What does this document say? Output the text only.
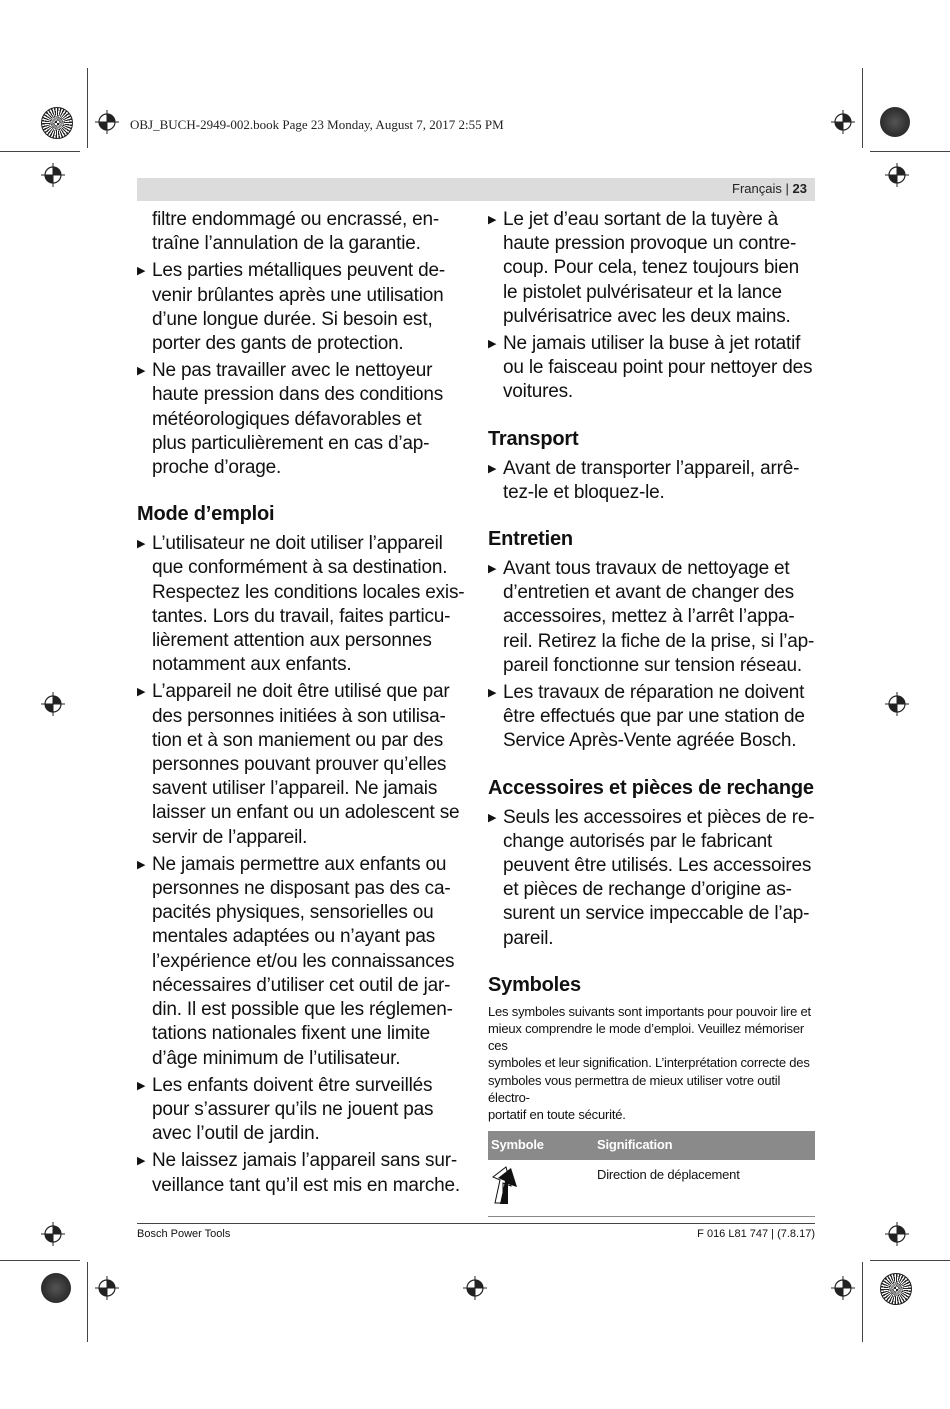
OBJ_BUCH-2949-002.book Page 23 Monday, August 7, 2017 2:55 PM
Français | 23
filtre endommagé ou encrassé, en-
traîne l’annulation de la garantie.
▶ Les parties métalliques peuvent de-
venir brûlantes après une utilisation
d’une longue durée. Si besoin est,
porter des gants de protection.
▶ Ne pas travailler avec le nettoyeur
haute pression dans des conditions
météorologiques défavorables et
plus particulièrement en cas d’ap-
proche d’orage.
Mode d’emploi
▶ L’utilisateur ne doit utiliser l’appareil
que conformément à sa destination.
Respectez les conditions locales exis-
tantes. Lors du travail, faites particu-
lièrement attention aux personnes
notamment aux enfants.
▶ L’appareil ne doit être utilisé que par
des personnes initiées à son utilisa-
tion et à son maniement ou par des
personnes pouvant prouver qu’elles
savent utiliser l’appareil. Ne jamais
laisser un enfant ou un adolescent se
servir de l’appareil.
▶ Ne jamais permettre aux enfants ou
personnes ne disposant pas des ca-
pacités physiques, sensorielles ou
mentales adaptées ou n’ayant pas
l’expérience et/ou les connaissances
nécessaires d’utiliser cet outil de jar-
din. Il est possible que les réglemen-
tations nationales fixent une limite
d’âge minimum de l’utilisateur.
▶ Les enfants doivent être surveillés
pour s’assurer qu’ils ne jouent pas
avec l’outil de jardin.
▶ Ne laissez jamais l’appareil sans sur-
veillance tant qu’il est mis en marche.
▶ Le jet d’eau sortant de la tuyère à
haute pression provoque un contre-
coup. Pour cela, tenez toujours bien
le pistolet pulvérisateur et la lance
pulvérisatrice avec les deux mains.
▶ Ne jamais utiliser la buse à jet rotatif
ou le faisceau point pour nettoyer des
voitures.
Transport
▶ Avant de transporter l’appareil, arrê-
tez-le et bloquez-le.
Entretien
▶ Avant tous travaux de nettoyage et
d’entretien et avant de changer des
accessoires, mettez à l’arrêt l’appa-
reil. Retirez la fiche de la prise, si l’ap-
pareil fonctionne sur tension réseau.
▶ Les travaux de réparation ne doivent
être effectués que par une station de
Service Après-Vente agréée Bosch.
Accessoires et pièces de rechange
▶ Seuls les accessoires et pièces de re-
change autorisés par le fabricant
peuvent être utilisés. Les accessoires
et pièces de rechange d’origine as-
surent un service impeccable de l’ap-
pareil.
Symboles
Les symboles suivants sont importants pour pouvoir lire et
mieux comprendre le mode d’emploi. Veuillez mémoriser ces
symboles et leur signification. L’interprétation correcte des
symboles vous permettra de mieux utiliser votre outil électro-
portatif en toute sécurité.
Symbole	Signification
	Direction de déplacement
Bosch Power Tools	F 016 L81 747 | (7.8.17)
